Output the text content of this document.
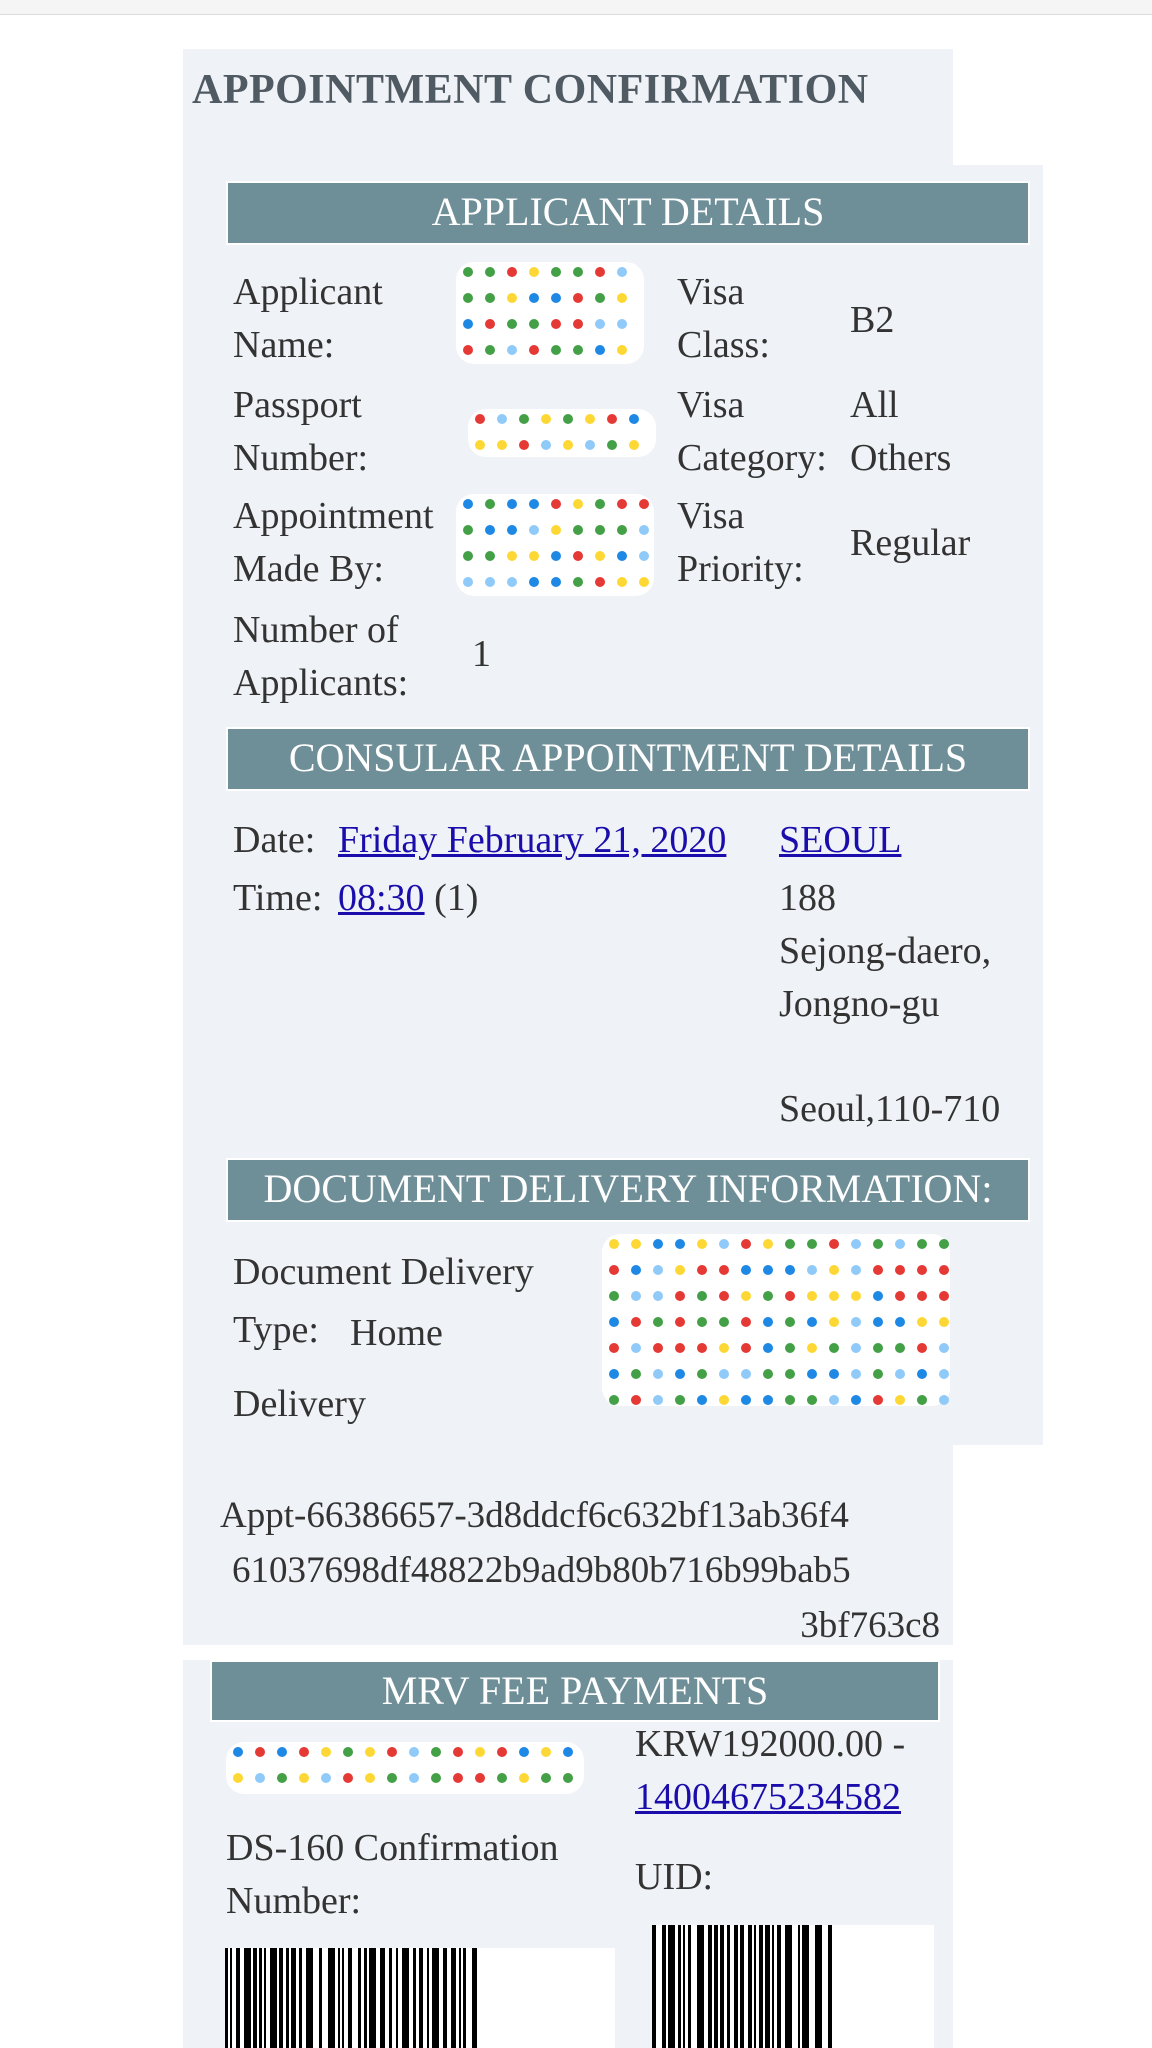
APPOINTMENT CONFIRMATION
APPLICANT DETAILS
Applicant
Name:
Passport
Number:
Appointment
Made By:
Number of
Applicants:
1
Visa
Class:
B2
Visa
Category:
All
Others
Visa
Priority:
Regular
CONSULAR APPOINTMENT DETAILS
Date: Friday February 21, 2020
Time: 08:30 (1)
SEOUL
188
Sejong-daero,
Jongno-gu
Seoul,110-710
DOCUMENT DELIVERY INFORMATION:
Document Delivery
Type: Home
Delivery
Appt-66386657-3d8ddcf6c632bf13ab36f4
61037698df48822b9ad9b80b716b99bab5
3bf763c8
MRV FEE PAYMENTS
KRW192000.00 -
14004675234582
DS-160 Confirmation
Number:
UID:
